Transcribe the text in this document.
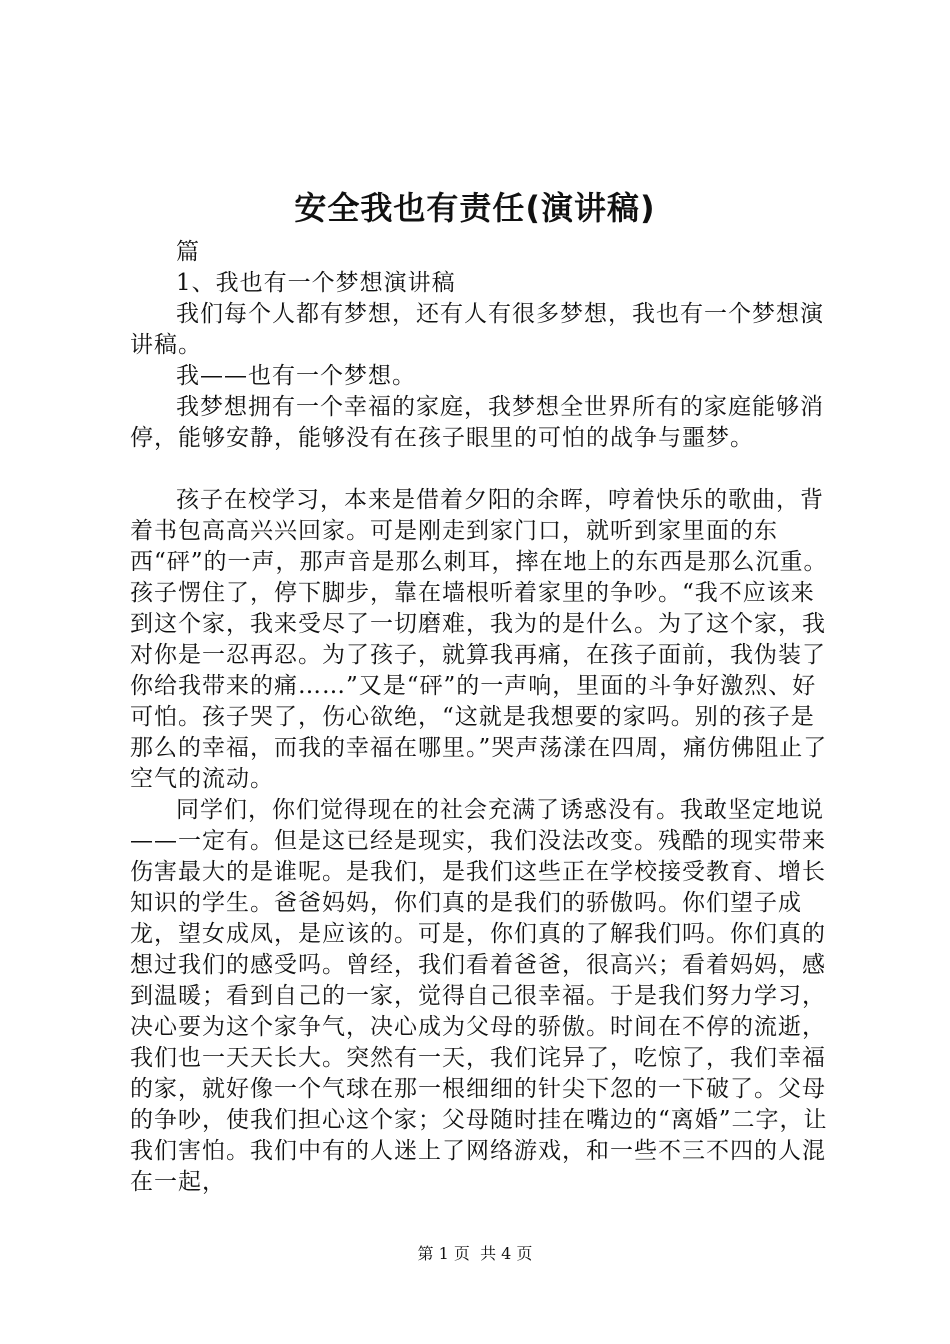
安全我也有责任(演讲稿)

篇

1、我也有一个梦想演讲稿

我们每个人都有梦想，还有人有很多梦想，我也有一个梦想演讲稿。

我——也有一个梦想。

我梦想拥有一个幸福的家庭，我梦想全世界所有的家庭能够消停，能够安静，能够没有在孩子眼里的可怕的战争与噩梦。

孩子在校学习，本来是借着夕阳的余晖，哼着快乐的歌曲，背着书包高高兴兴回家。可是刚走到家门口，就听到家里面的东西“砰”的一声，那声音是那么刺耳，摔在地上的东西是那么沉重。孩子愣住了，停下脚步，靠在墙根听着家里的争吵。“我不应该来到这个家，我来受尽了一切磨难，我为的是什么。为了这个家，我对你是一忍再忍。为了孩子，就算我再痛，在孩子面前，我伪装了你给我带来的痛……”又是“砰”的一声响，里面的斗争好激烈、好可怕。孩子哭了，伤心欲绝，“这就是我想要的家吗。别的孩子是那么的幸福，而我的幸福在哪里。”哭声荡漾在四周，痛仿佛阻止了空气的流动。

同学们，你们觉得现在的社会充满了诱惑没有。我敢坚定地说——一定有。但是这已经是现实，我们没法改变。残酷的现实带来伤害最大的是谁呢。是我们，是我们这些正在学校接受教育、增长知识的学生。爸爸妈妈，你们真的是我们的骄傲吗。你们望子成龙，望女成凤，是应该的。可是，你们真的了解我们吗。你们真的想过我们的感受吗。曾经，我们看着爸爸，很高兴；看着妈妈，感到温暖；看到自己的一家，觉得自己很幸福。于是我们努力学习，决心要为这个家争气，决心成为父母的骄傲。时间在不停的流逝，我们也一天天长大。突然有一天，我们诧异了，吃惊了，我们幸福的家，就好像一个气球在那一根细细的针尖下忽的一下破了。父母的争吵，使我们担心这个家；父母随时挂在嘴边的“离婚”二字，让我们害怕。我们中有的人迷上了网络游戏，和一些不三不四的人混在一起，

第 1 页  共 4 页
